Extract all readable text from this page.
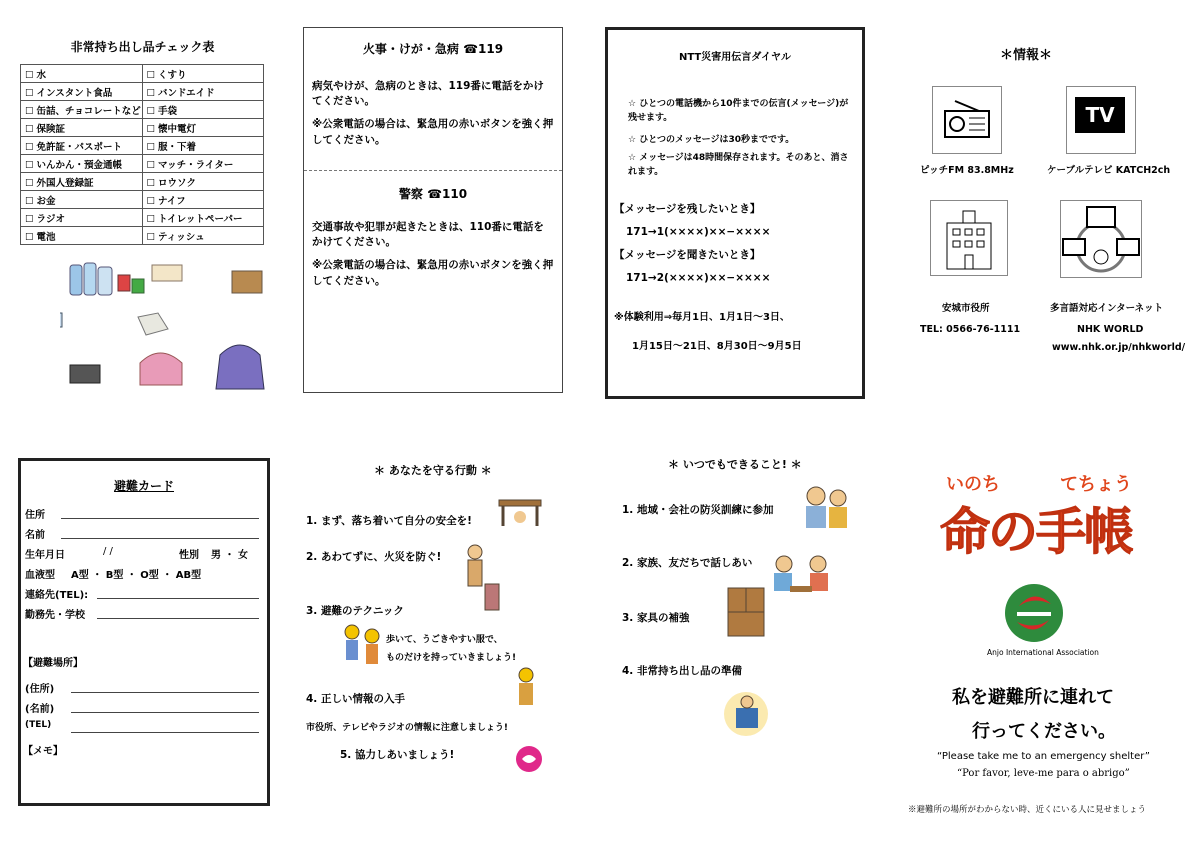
非常持ち出し品チェック表
☐ 水	☐ くすり
☐ インスタント食品	☐ バンドエイド
☐ 缶詰、チョコレートなど	☐ 手袋
☐ 保険証	☐ 懐中電灯
☐ 免許証・パスポート	☐ 服・下着
☐ いんかん・預金通帳	☐ マッチ・ライター
☐ 外国人登録証	☐ ロウソク
☐ お金	☐ ナイフ
☐ ラジオ	☐ トイレットペーパー
☐ 電池	☐ ティッシュ
火事・けが・急病 ☎119
病気やけが、急病のときは、119番に電話をかけてください。
※公衆電話の場合は、緊急用の赤いボタンを強く押してください。
警察 ☎110
交通事故や犯罪が起きたときは、110番に電話をかけてください。
※公衆電話の場合は、緊急用の赤いボタンを強く押してください。
NTT災害用伝言ダイヤル
☆ ひとつの電話機から10件までの伝言(メッセージ)が残せます。
☆ ひとつのメッセージは30秒までです。
☆ メッセージは48時間保存されます。そのあと、消されます。
【メッセージを残したいとき】
171→1(××××)××−××××
【メッセージを聞きたいとき】
171→2(××××)××−××××
※体験利用⇒毎月1日、1月1日〜3日、
1月15日〜21日、8月30日〜9月5日
＊情報＊
TV
ピッチFM 83.8MHz	ケーブルテレビ KATCH2ch
安城市役所	多言語対応インターネット
TEL: 0566-76-1111	NHK WORLD
www.nhk.or.jp/nhkworld/
避難カード
住所
名前
生年月日	/ /	性別 男 ・ 女
血液型 A型 ・ B型 ・ O型 ・ AB型
連絡先(TEL):
勤務先・学校
【避難場所】
(住所)
(名前)
(TEL)
【メモ】
＊ あなたを守る行動 ＊
1. まず、落ち着いて自分の安全を!
2. あわてずに、火災を防ぐ!
3. 避難のテクニック
歩いて、うごきやすい服で、
ものだけを持っていきましょう!
4. 正しい情報の入手
市役所、テレビやラジオの情報に注意しましょう!
5. 協力しあいましょう!
＊ いつでもできること! ＊
1. 地域・会社の防災訓練に参加
2. 家族、友だちで話しあい
3. 家具の補強
4. 非常持ち出し品の準備
いのち	てちょう
命の手帳
Anjo International Association
私を避難所に連れて
行ってください。
“Please take me to an emergency shelter”
“Por favor, leve-me para o abrigo”
※避難所の場所がわからない時、近くにいる人に見せましょう
